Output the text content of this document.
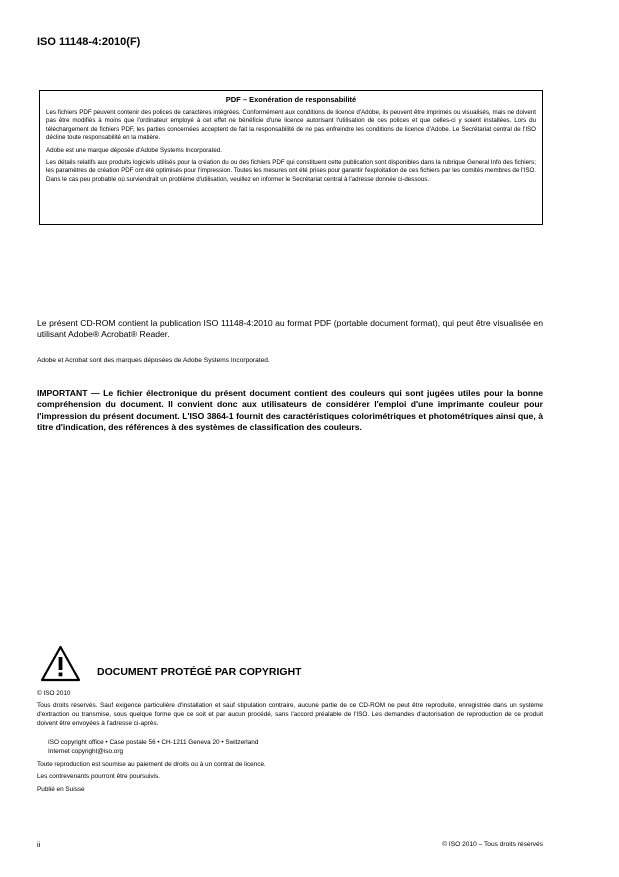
ISO 11148-4:2010(F)
PDF – Exonération de responsabilité

Les fichiers PDF peuvent contenir des polices de caractères intégrées. Conformément aux conditions de licence d'Adobe, ils peuvent être imprimés ou visualisés, mais ne doivent pas être modifiés à moins que l'ordinateur employé à cet effet ne bénéficie d'une licence autorisant l'utilisation de ces polices et que celles-ci y soient installées. Lors du téléchargement de fichiers PDF, les parties concernées acceptent de fait la responsabilité de ne pas enfreindre les conditions de licence d'Adobe. Le Secrétariat central de l'ISO décline toute responsabilité en la matière.

Adobe est une marque déposée d'Adobe Systems Incorporated.

Les détails relatifs aux produits logiciels utilisés pour la création du ou des fichiers PDF qui constituent cette publication sont disponibles dans la rubrique General Info des fichiers; les paramètres de création PDF ont été optimisés pour l'impression. Toutes les mesures ont été prises pour garantir l'exploitation de ces fichiers par les comités membres de l'ISO. Dans le cas peu probable où surviendrait un problème d'utilisation, veuillez en informer le Secrétariat central à l'adresse donnée ci-dessous.

Le présent CD-ROM contient la publication ISO 11148-4:2010 au format PDF (portable document format), qui peut être visualisée en utilisant Adobe® Acrobat® Reader.
Adobe et Acrobat sont des marques déposées de Adobe Systems Incorporated.
IMPORTANT — Le fichier électronique du présent document contient des couleurs qui sont jugées utiles pour la bonne compréhension du document. Il convient donc aux utilisateurs de considérer l'emploi d'une imprimante couleur pour l'impression du présent document. L'ISO 3864-1 fournit des caractéristiques colorimétriques et photométriques ainsi que, à titre d'indication, des références à des systèmes de classification des couleurs.
DOCUMENT PROTÉGÉ PAR COPYRIGHT
© ISO 2010
Tous droits réservés. Sauf exigence particulière d'installation et sauf stipulation contraire, aucune partie de ce CD-ROM ne peut être reproduite, enregistrée dans un système d'extraction ou transmise, sous quelque forme que ce soit et par aucun procédé, sans l'accord préalable de l'ISO. Les demandes d'autorisation de reproduction de ce produit doivent être envoyées à l'adresse ci-après.
ISO copyright office • Case postale 56 • CH-1211 Geneva 20 • Switzerland
Internet copyright@iso.org
Toute reproduction est soumise au paiement de droits ou à un contrat de licence.
Les contrevenants pourront être poursuivis.
Publié en Suisse
ii	© ISO 2010 – Tous droits réservés
